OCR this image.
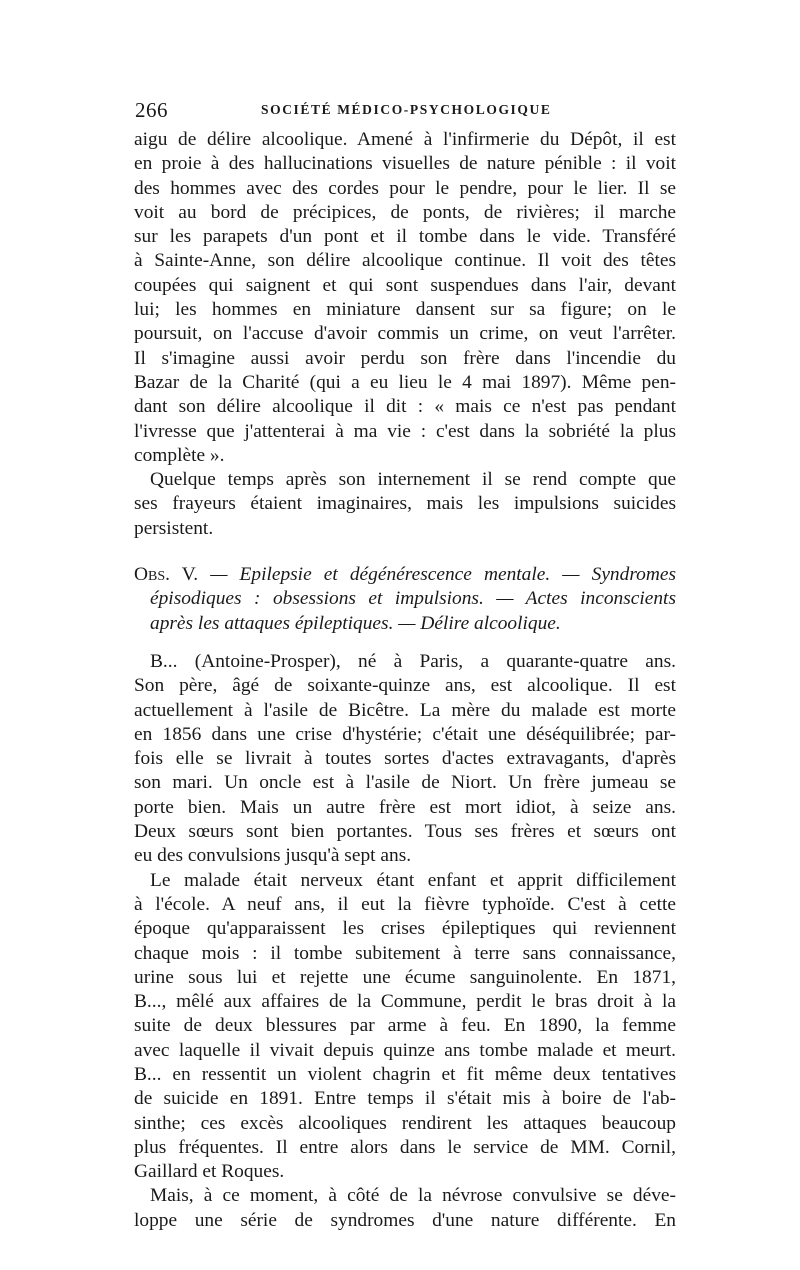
266	SOCIÉTÉ MÉDICO-PSYCHOLOGIQUE
aigu de délire alcoolique. Amené à l'infirmerie du Dépôt, il est
en proie à des hallucinations visuelles de nature pénible : il voit
des hommes avec des cordes pour le pendre, pour le lier. Il se
voit au bord de précipices, de ponts, de rivières; il marche
sur les parapets d'un pont et il tombe dans le vide. Transféré
à Sainte-Anne, son délire alcoolique continue. Il voit des têtes
coupées qui saignent et qui sont suspendues dans l'air, devant
lui; les hommes en miniature dansent sur sa figure; on le
poursuit, on l'accuse d'avoir commis un crime, on veut l'arrêter.
Il s'imagine aussi avoir perdu son frère dans l'incendie du
Bazar de la Charité (qui a eu lieu le 4 mai 1897). Même pen-
dant son délire alcoolique il dit : « mais ce n'est pas pendant
l'ivresse que j'attenterai à ma vie : c'est dans la sobriété la plus
complète ».
Quelque temps après son internement il se rend compte que
ses frayeurs étaient imaginaires, mais les impulsions suicides
persistent.
Obs. V. — Epilepsie et dégénérescence mentale. — Syndromes
épisodiques : obsessions et impulsions. — Actes inconscients
après les attaques épileptiques. — Délire alcoolique.
B... (Antoine-Prosper), né à Paris, a quarante-quatre ans.
Son père, âgé de soixante-quinze ans, est alcoolique. Il est
actuellement à l'asile de Bicêtre. La mère du malade est morte
en 1856 dans une crise d'hystérie; c'était une déséquilibrée; par-
fois elle se livrait à toutes sortes d'actes extravagants, d'après
son mari. Un oncle est à l'asile de Niort. Un frère jumeau se
porte bien. Mais un autre frère est mort idiot, à seize ans.
Deux sœurs sont bien portantes. Tous ses frères et sœurs ont
eu des convulsions jusqu'à sept ans.
Le malade était nerveux étant enfant et apprit difficilement
à l'école. A neuf ans, il eut la fièvre typhoïde. C'est à cette
époque qu'apparaissent les crises épileptiques qui reviennent
chaque mois : il tombe subitement à terre sans connaissance,
urine sous lui et rejette une écume sanguinolente. En 1871,
B..., mêlé aux affaires de la Commune, perdit le bras droit à la
suite de deux blessures par arme à feu. En 1890, la femme
avec laquelle il vivait depuis quinze ans tombe malade et meurt.
B... en ressentit un violent chagrin et fit même deux tentatives
de suicide en 1891. Entre temps il s'était mis à boire de l'ab-
sinthe; ces excès alcooliques rendirent les attaques beaucoup
plus fréquentes. Il entre alors dans le service de MM. Cornil,
Gaillard et Roques.
Mais, à ce moment, à côté de la névrose convulsive se déve-
loppe une série de syndromes d'une nature différente. En
